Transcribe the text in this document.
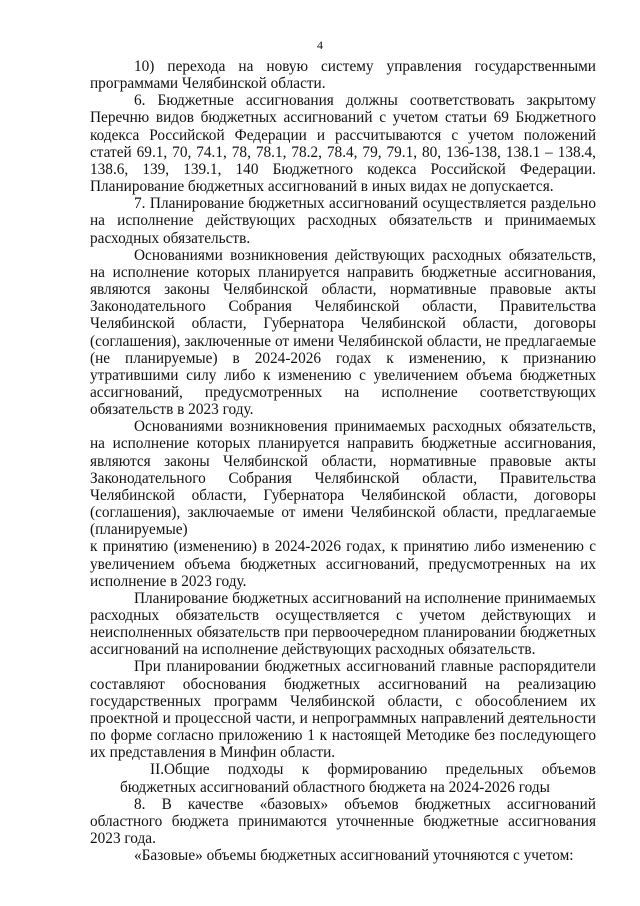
4

10) перехода на новую систему управления государственными программами Челябинской области.

6. Бюджетные ассигнования должны соответствовать закрытому Перечню видов бюджетных ассигнований с учетом статьи 69 Бюджетного кодекса Российской Федерации и рассчитываются с учетом положений статей 69.1, 70, 74.1, 78, 78.1, 78.2, 78.4, 79, 79.1, 80, 136-138, 138.1 – 138.4, 138.6, 139, 139.1, 140 Бюджетного кодекса Российской Федерации. Планирование бюджетных ассигнований в иных видах не допускается.

7. Планирование бюджетных ассигнований осуществляется раздельно на исполнение действующих расходных обязательств и принимаемых расходных обязательств.

Основаниями возникновения действующих расходных обязательств, на исполнение которых планируется направить бюджетные ассигнования, являются законы Челябинской области, нормативные правовые акты Законодательного Собрания Челябинской области, Правительства Челябинской области, Губернатора Челябинской области, договоры (соглашения), заключенные от имени Челябинской области, не предлагаемые (не планируемые) в 2024-2026 годах к изменению, к признанию утратившими силу либо к изменению с увеличением объема бюджетных ассигнований, предусмотренных на исполнение соответствующих обязательств в 2023 году.

Основаниями возникновения принимаемых расходных обязательств, на исполнение которых планируется направить бюджетные ассигнования, являются законы Челябинской области, нормативные правовые акты Законодательного Собрания Челябинской области, Правительства Челябинской области, Губернатора Челябинской области, договоры (соглашения), заключаемые от имени Челябинской области, предлагаемые (планируемые)

к принятию (изменению) в 2024-2026 годах, к принятию либо изменению с увеличением объема бюджетных ассигнований, предусмотренных на их исполнение в 2023 году.

Планирование бюджетных ассигнований на исполнение принимаемых расходных обязательств осуществляется с учетом действующих и неисполненных обязательств при первоочередном планировании бюджетных ассигнований на исполнение действующих расходных обязательств.

При планировании бюджетных ассигнований главные распорядители составляют обоснования бюджетных ассигнований на реализацию государственных программ Челябинской области, с обособлением их проектной и процессной части, и непрограммных направлений деятельности по форме согласно приложению 1 к настоящей Методике без последующего их представления в Минфин области.

II. Общие подходы к формированию предельных объемов бюджетных ассигнований областного бюджета на 2024-2026 годы

8. В качестве «базовых» объемов бюджетных ассигнований областного бюджета принимаются уточненные бюджетные ассигнования 2023 года.

«Базовые» объемы бюджетных ассигнований уточняются с учетом:
